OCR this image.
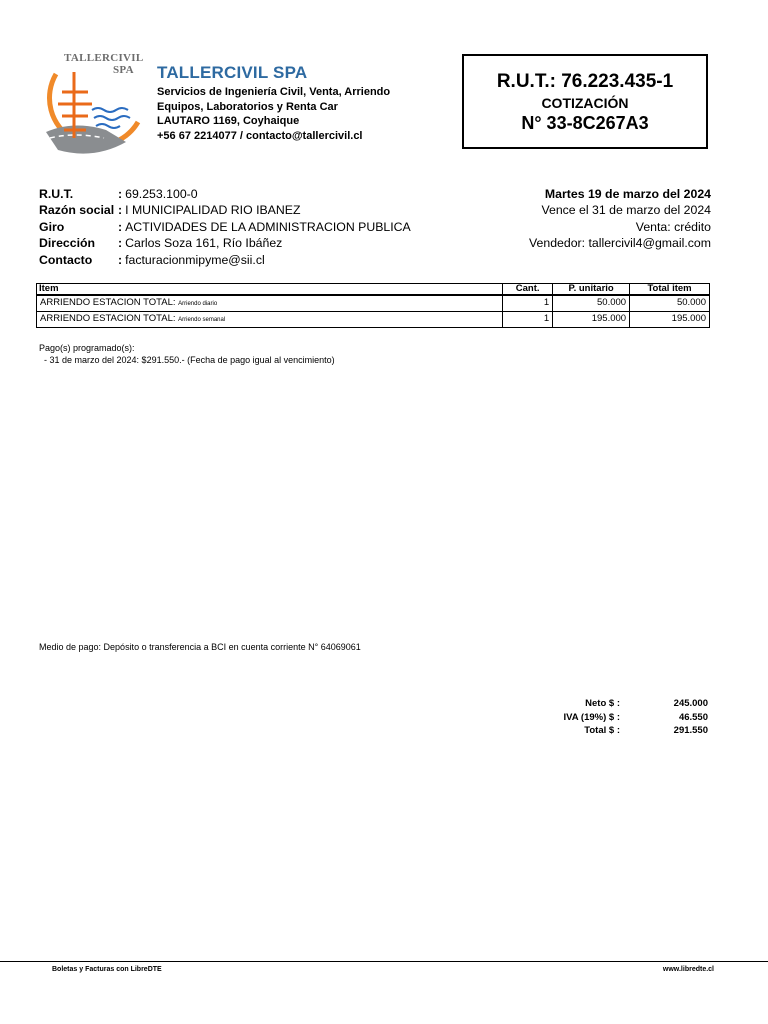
TALLERCIVIL
SPA TALLERCIVIL SPA
Servicios de Ingeniería Civil, Venta, Arriendo
Equipos, Laboratorios y Renta Car
LAUTARO 1169, Coyhaique
+56 67 2214077 / contacto@tallercivil.cl
R.U.T.: 76.223.435-1
COTIZACIÓN
N° 33-8C267A3
R.U.T.	: 69.253.100-0
Razón social : I MUNICIPALIDAD RIO IBANEZ
Giro	: ACTIVIDADES DE LA ADMINISTRACION PUBLICA
Dirección	: Carlos Soza 161, Río Ibáñez
Contacto	: facturacionmipyme@sii.cl
Martes 19 de marzo del 2024
Vence el 31 de marzo del 2024
Venta: crédito
Vendedor: tallercivil4@gmail.com
Item	Cant.	P. unitario	Total item
ARRIENDO ESTACION TOTAL: Arriendo diario	1	50.000	50.000
ARRIENDO ESTACION TOTAL: Arriendo semanal	1	195.000	195.000
Pago(s) programado(s):
- 31 de marzo del 2024: $291.550.- (Fecha de pago igual al vencimiento)
Medio de pago: Depósito o transferencia a BCI en cuenta corriente N° 64069061
Neto $ :	245.000
IVA (19%) $ :	46.550
Total $ :	291.550
Boletas y Facturas con LibreDTE	www.libredte.cl
